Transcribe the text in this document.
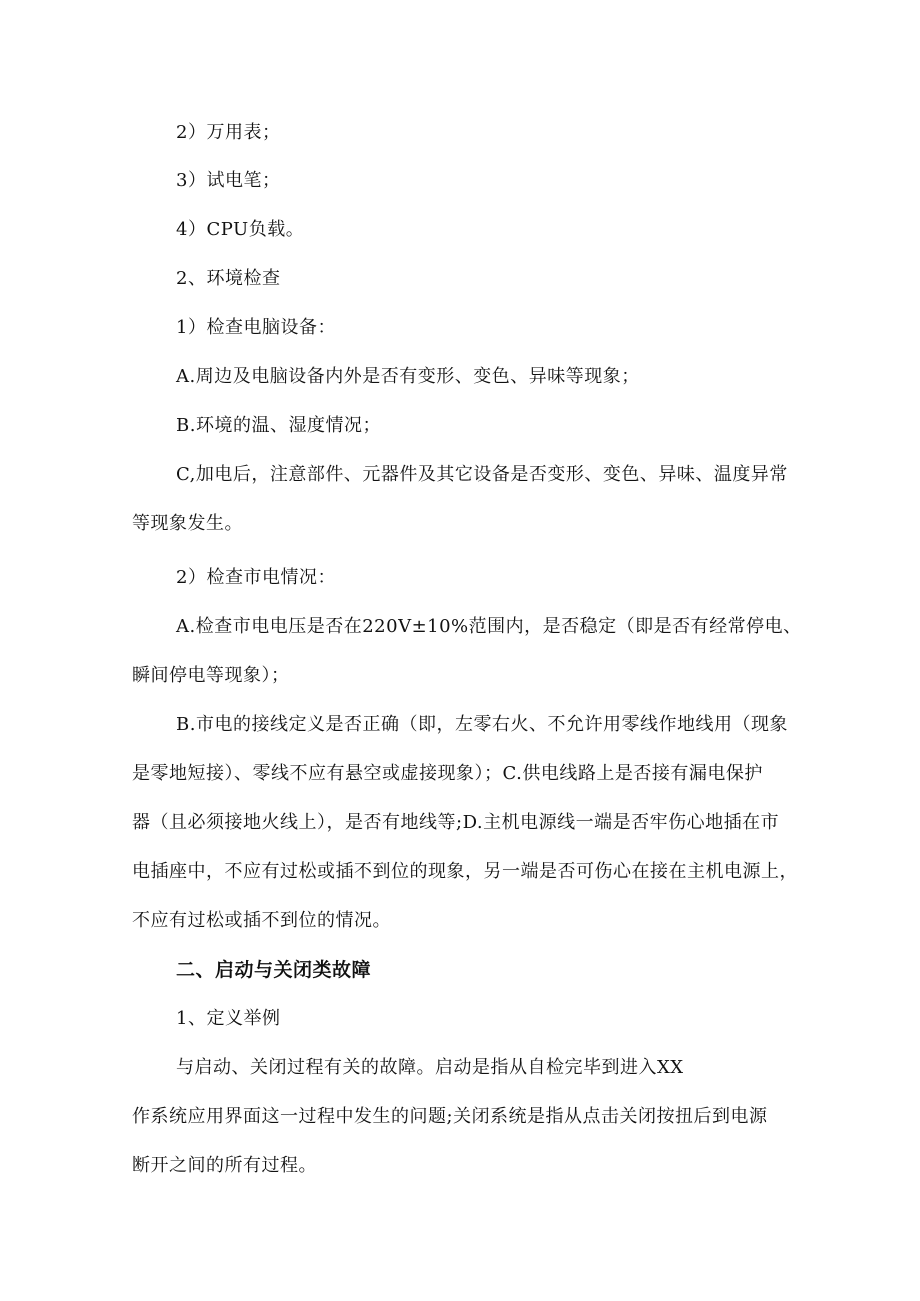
2）万用表；
3）试电笔；
4）CPU负载。
2、环境检查
1）检查电脑设备：
A.周边及电脑设备内外是否有变形、变色、异味等现象；
B.环境的温、湿度情况；
C,加电后，注意部件、元器件及其它设备是否变形、变色、异味、温度异常
等现象发生。
2）检查市电情况：
A.检查市电电压是否在220V±10%范围内，是否稳定（即是否有经常停电、
瞬间停电等现象）；
B.市电的接线定义是否正确（即，左零右火、不允许用零线作地线用（现象
是零地短接）、零线不应有悬空或虚接现象）；C.供电线路上是否接有漏电保护
器（且必须接地火线上），是否有地线等;D.主机电源线一端是否牢伤心地插在市
电插座中，不应有过松或插不到位的现象，另一端是否可伤心在接在主机电源上，
不应有过松或插不到位的情况。
二、启动与关闭类故障
1、定义举例
与启动、关闭过程有关的故障。启动是指从自检完毕到进入XX
作系统应用界面这一过程中发生的问题;关闭系统是指从点击关闭按扭后到电源
断开之间的所有过程。
